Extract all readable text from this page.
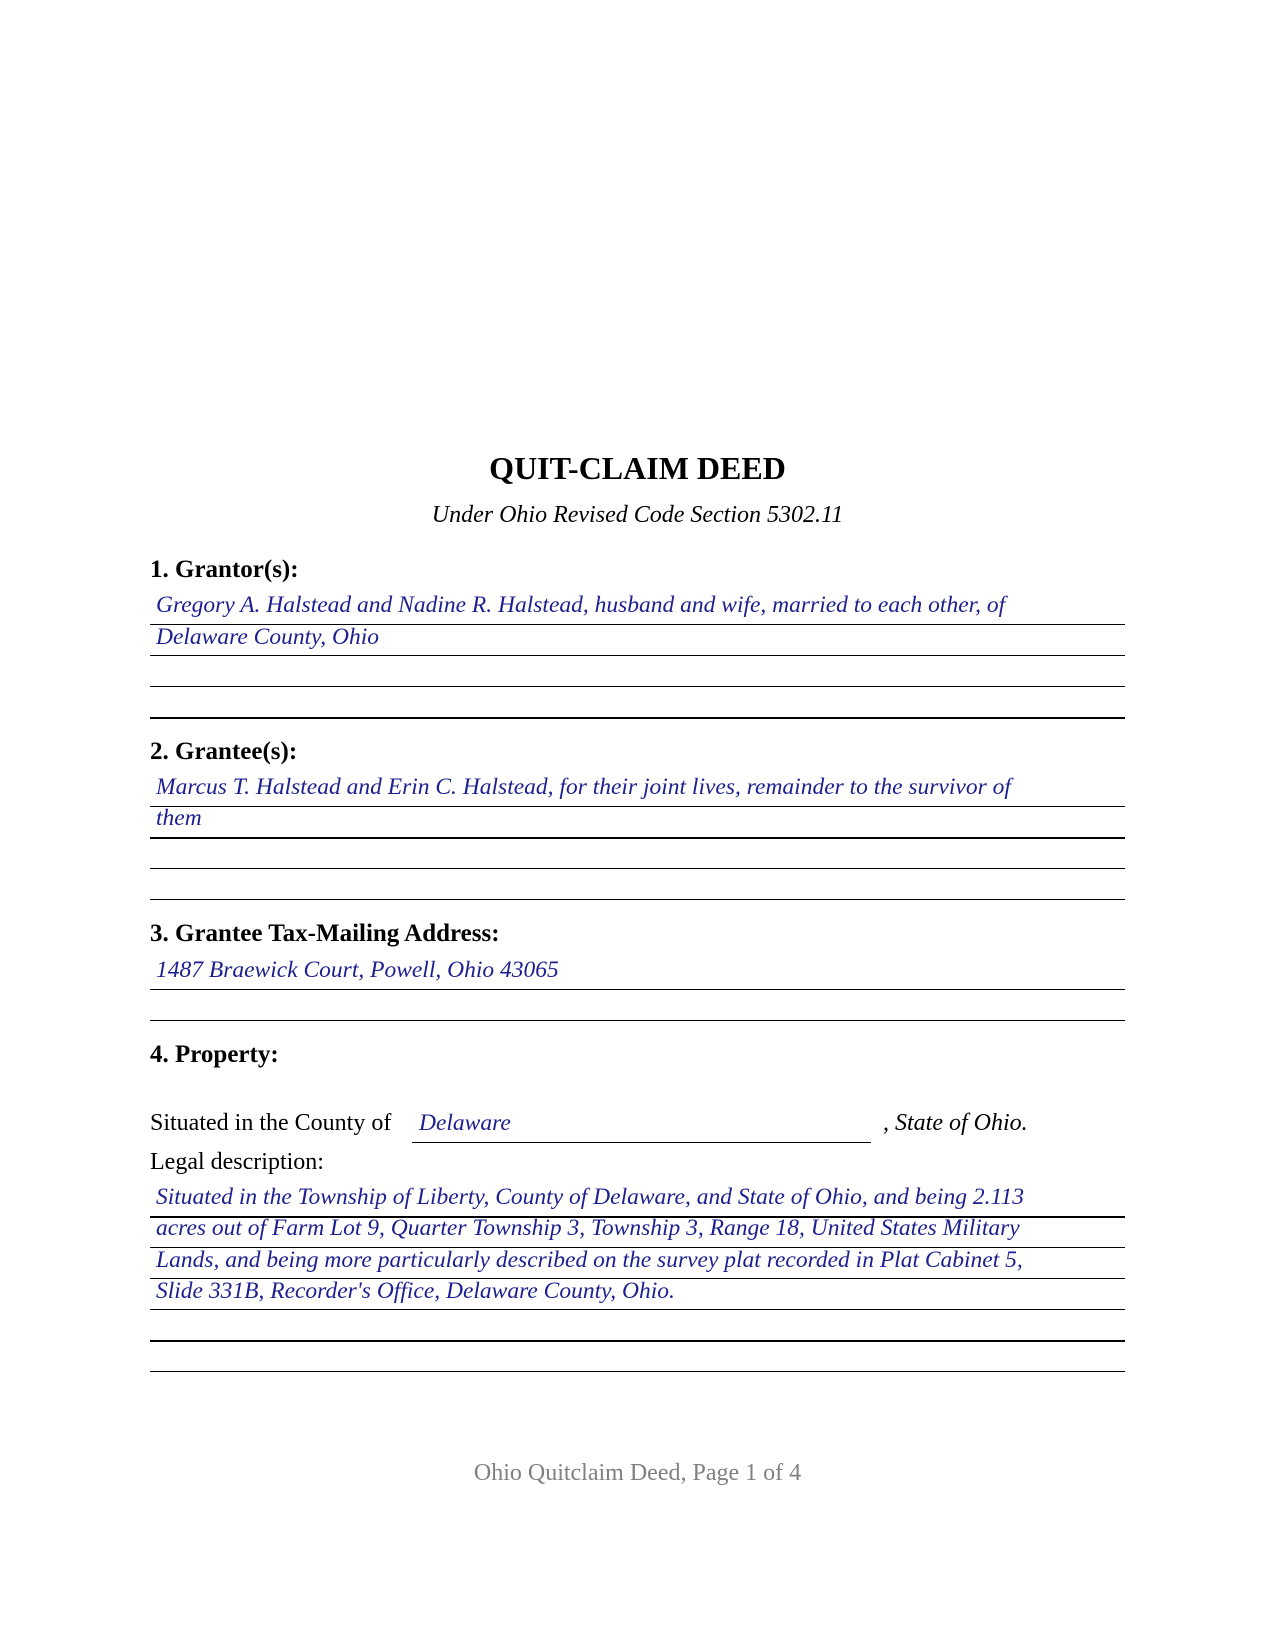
QUIT-CLAIM DEED
Under Ohio Revised Code Section 5302.11
1. Grantor(s):
Gregory A. Halstead and Nadine R. Halstead, husband and wife, married to each other, of
Delaware County, Ohio
2. Grantee(s):
Marcus T. Halstead and Erin C. Halstead, for their joint lives, remainder to the survivor of
them
3. Grantee Tax-Mailing Address:
1487 Braewick Court, Powell, Ohio 43065
4. Property:
Situated in the County of Delaware	, State of Ohio.
Legal description:
Situated in the Township of Liberty, County of Delaware, and State of Ohio, and being 2.113
acres out of Farm Lot 9, Quarter Township 3, Township 3, Range 18, United States Military
Lands, and being more particularly described on the survey plat recorded in Plat Cabinet 5,
Slide 331B, Recorder's Office, Delaware County, Ohio.
Ohio Quitclaim Deed, Page 1 of 4
